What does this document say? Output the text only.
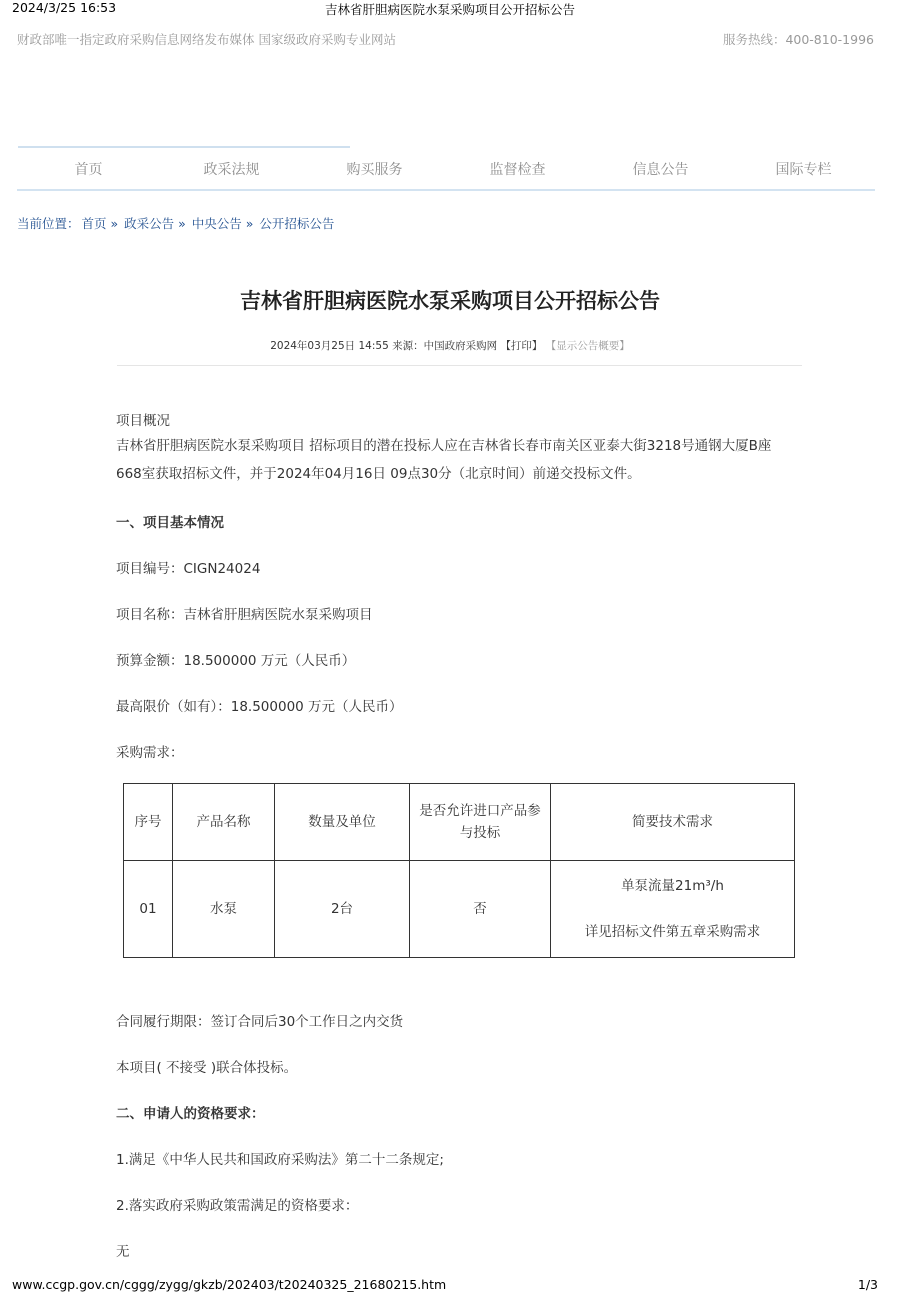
2024/3/25 16:53	吉林省肝胆病医院水泵采购项目公开招标公告
财政部唯一指定政府采购信息网络发布媒体 国家级政府采购专业网站	服务热线：400-810-1996
首页	政采法规	购买服务	监督检查	信息公告	国际专栏
当前位置： 首页 » 政采公告 » 中央公告 » 公开招标公告
吉林省肝胆病医院水泵采购项目公开招标公告
2024年03月25日 14:55 来源：中国政府采购网 【打印】 【显示公告概要】
项目概况
吉林省肝胆病医院水泵采购项目 招标项目的潜在投标人应在吉林省长春市南关区亚泰大街3218号通钢大厦B座668室获取招标文件，并于2024年04月16日 09点30分（北京时间）前递交投标文件。
一、项目基本情况
项目编号：CIGN24024
项目名称：吉林省肝胆病医院水泵采购项目
预算金额：18.500000 万元（人民币）
最高限价（如有）：18.500000 万元（人民币）
采购需求：
序号	产品名称	数量及单位	是否允许进口产品参与投标	简要技术需求
01	水泵	2台	否	单泵流量21m³/h
详见招标文件第五章采购需求
合同履行期限：签订合同后30个工作日之内交货
本项目( 不接受 )联合体投标。
二、申请人的资格要求：
1.满足《中华人民共和国政府采购法》第二十二条规定;
2.落实政府采购政策需满足的资格要求：
无
www.ccgp.gov.cn/cggg/zygg/gkzb/202403/t20240325_21680215.htm	1/3
